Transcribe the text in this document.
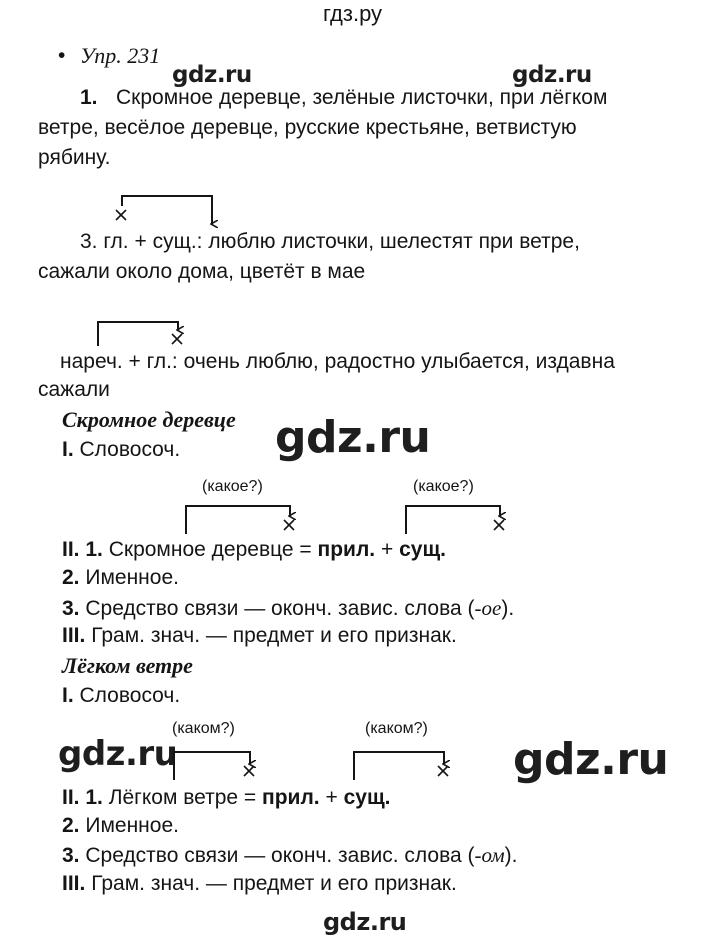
гдз.ру
• Упр. 231
gdz.ru	gdz.ru
gdz.ru
gdz.ru	gdz.ru
gdz.ru
1. Скромное деревце, зелёные листочки, при лёгком
ветре, весёлое деревце, русские крестьяне, ветвистую
рябину.
3. гл. + сущ.: люблю листочки, шелестят при ветре,
сажали около дома, цветёт в мае
нареч. + гл.: очень люблю, радостно улыбается, издавна
сажали
Скромное деревце
I. Словосоч.
(какое?)	(какое?)
II. 1. Скромное деревце = прил. + сущ.
2. Именное.
3. Средство связи — оконч. завис. слова (-ое).
III. Грам. знач. — предмет и его признак.
Лёгком ветре
I. Словосоч.
(каком?)	(каком?)
II. 1. Лёгком ветре = прил. + сущ.
2. Именное.
3. Средство связи — оконч. завис. слова (-ом).
III. Грам. знач. — предмет и его признак.
